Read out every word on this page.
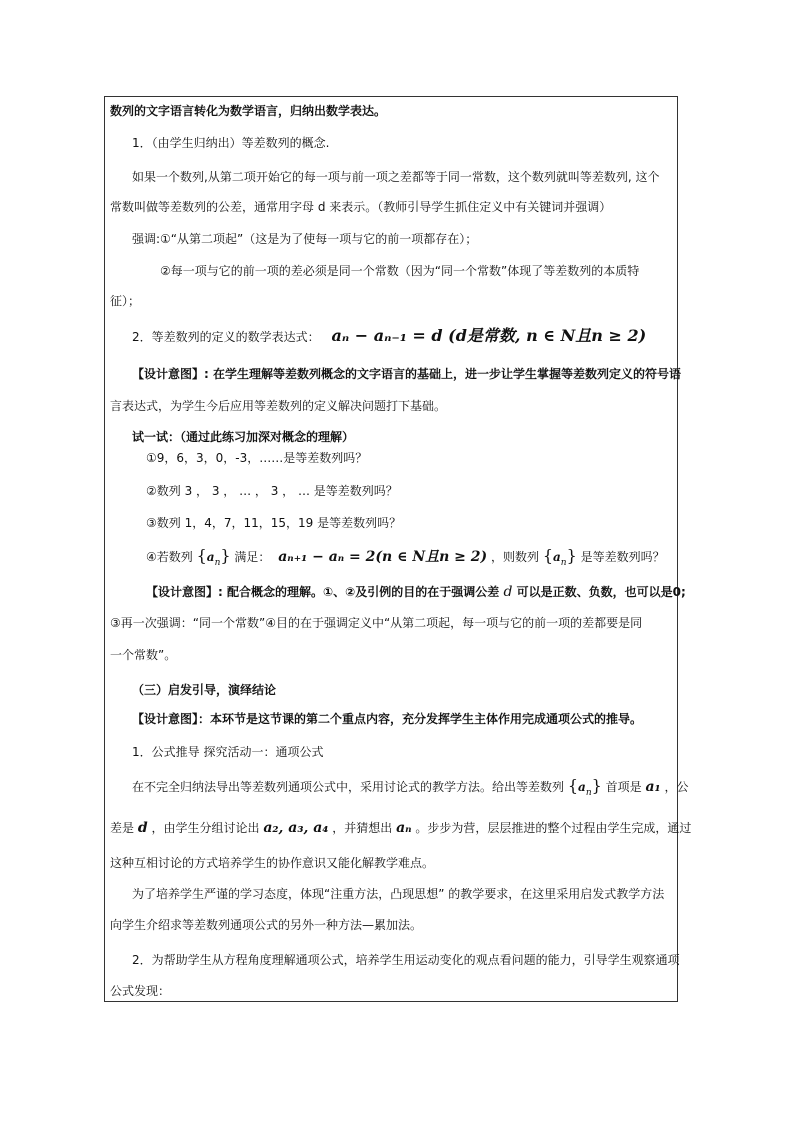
数列的文字语言转化为数学语言，归纳出数学表达。
1．（由学生归纳出）等差数列的概念.
如果一个数列,从第二项开始它的每一项与前一项之差都等于同一常数，这个数列就叫等差数列, 这个
常数叫做等差数列的公差，通常用字母 d 来表示。（教师引导学生抓住定义中有关键词并强调）
强调:①“从第二项起”（这是为了使每一项与它的前一项都存在）；
②每一项与它的前一项的差必须是同一个常数（因为“同一个常数”体现了等差数列的本质特
征）；
2．等差数列的定义的数学表达式： aₙ − aₙ₋₁ = d (d是常数, n ∈ N且n ≥ 2)
【设计意图】: 在学生理解等差数列概念的文字语言的基础上，进一步让学生掌握等差数列定义的符号语
言表达式，为学生今后应用等差数列的定义解决问题打下基础。
试一试：（通过此练习加深对概念的理解）
①9，6，3，0，-3，……是等差数列吗？
②数列 3 ， 3 ， … ， 3 ， … 是等差数列吗？
③数列 1，4，7，11，15，19 是等差数列吗？
④若数列 $\{a_n\}$ 满足： aₙ₊₁ − aₙ = 2(n ∈ N且n ≥ 2) ，则数列 $\{a_n\}$ 是等差数列吗？
【设计意图】: 配合概念的理解。①、②及引例的目的在于强调公差 d 可以是正数、负数，也可以是0;
③再一次强调：“同一个常数”④目的在于强调定义中“从第二项起，每一项与它的前一项的差都要是同
一个常数”。
（三）启发引导，演绎结论
【设计意图】：本环节是这节课的第二个重点内容，充分发挥学生主体作用完成通项公式的推导。
1．公式推导 探究活动一：通项公式
在不完全归纳法导出等差数列通项公式中，采用讨论式的教学方法。给出等差数列 $\{a_n\}$ 首项是 a₁ ，公
差是 d ，由学生分组讨论出 a₂, a₃, a₄ ，并猜想出 aₙ 。步步为营，层层推进的整个过程由学生完成，通过
这种互相讨论的方式培养学生的协作意识又能化解教学难点。
为了培养学生严谨的学习态度，体现“注重方法，凸现思想” 的教学要求，在这里采用启发式教学方法
向学生介绍求等差数列通项公式的另外一种方法—累加法。
2．为帮助学生从方程角度理解通项公式，培养学生用运动变化的观点看问题的能力，引导学生观察通项
公式发现：
